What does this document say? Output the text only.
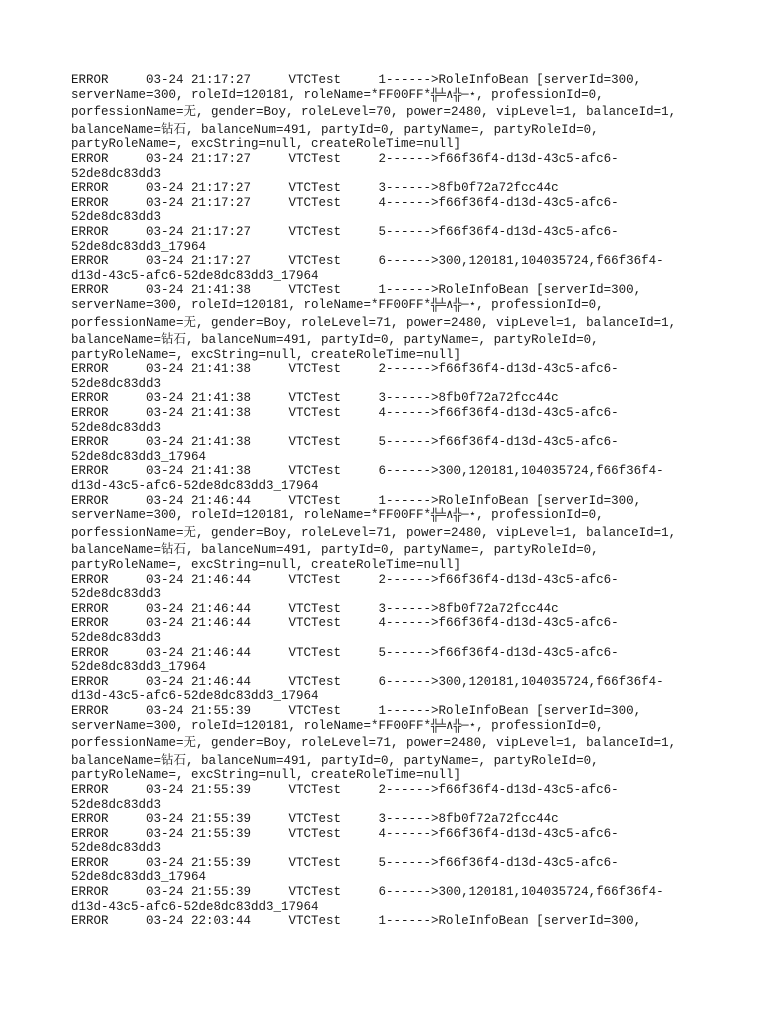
ERROR     03-24 21:17:27     VTCTest     1------>RoleInfoBean [serverId=300,
serverName=300, roleId=120181, roleName=*FF00FF*╬╧∧╬─⋆, professionId=0,
porfessionName=无, gender=Boy, roleLevel=70, power=2480, vipLevel=1, balanceId=1,
balanceName=钻石, balanceNum=491, partyId=0, partyName=, partyRoleId=0,
partyRoleName=, excString=null, createRoleTime=null]
ERROR     03-24 21:17:27     VTCTest     2------>f66f36f4-d13d-43c5-afc6-
52de8dc83dd3
ERROR     03-24 21:17:27     VTCTest     3------>8fb0f72a72fcc44c
ERROR     03-24 21:17:27     VTCTest     4------>f66f36f4-d13d-43c5-afc6-
52de8dc83dd3
ERROR     03-24 21:17:27     VTCTest     5------>f66f36f4-d13d-43c5-afc6-
52de8dc83dd3_17964
ERROR     03-24 21:17:27     VTCTest     6------>300,120181,104035724,f66f36f4-
d13d-43c5-afc6-52de8dc83dd3_17964
ERROR     03-24 21:41:38     VTCTest     1------>RoleInfoBean [serverId=300,
serverName=300, roleId=120181, roleName=*FF00FF*╬╧∧╬─⋆, professionId=0,
porfessionName=无, gender=Boy, roleLevel=71, power=2480, vipLevel=1, balanceId=1,
balanceName=钻石, balanceNum=491, partyId=0, partyName=, partyRoleId=0,
partyRoleName=, excString=null, createRoleTime=null]
ERROR     03-24 21:41:38     VTCTest     2------>f66f36f4-d13d-43c5-afc6-
52de8dc83dd3
ERROR     03-24 21:41:38     VTCTest     3------>8fb0f72a72fcc44c
ERROR     03-24 21:41:38     VTCTest     4------>f66f36f4-d13d-43c5-afc6-
52de8dc83dd3
ERROR     03-24 21:41:38     VTCTest     5------>f66f36f4-d13d-43c5-afc6-
52de8dc83dd3_17964
ERROR     03-24 21:41:38     VTCTest     6------>300,120181,104035724,f66f36f4-
d13d-43c5-afc6-52de8dc83dd3_17964
ERROR     03-24 21:46:44     VTCTest     1------>RoleInfoBean [serverId=300,
serverName=300, roleId=120181, roleName=*FF00FF*╬╧∧╬─⋆, professionId=0,
porfessionName=无, gender=Boy, roleLevel=71, power=2480, vipLevel=1, balanceId=1,
balanceName=钻石, balanceNum=491, partyId=0, partyName=, partyRoleId=0,
partyRoleName=, excString=null, createRoleTime=null]
ERROR     03-24 21:46:44     VTCTest     2------>f66f36f4-d13d-43c5-afc6-
52de8dc83dd3
ERROR     03-24 21:46:44     VTCTest     3------>8fb0f72a72fcc44c
ERROR     03-24 21:46:44     VTCTest     4------>f66f36f4-d13d-43c5-afc6-
52de8dc83dd3
ERROR     03-24 21:46:44     VTCTest     5------>f66f36f4-d13d-43c5-afc6-
52de8dc83dd3_17964
ERROR     03-24 21:46:44     VTCTest     6------>300,120181,104035724,f66f36f4-
d13d-43c5-afc6-52de8dc83dd3_17964
ERROR     03-24 21:55:39     VTCTest     1------>RoleInfoBean [serverId=300,
serverName=300, roleId=120181, roleName=*FF00FF*╬╧∧╬─⋆, professionId=0,
porfessionName=无, gender=Boy, roleLevel=71, power=2480, vipLevel=1, balanceId=1,
balanceName=钻石, balanceNum=491, partyId=0, partyName=, partyRoleId=0,
partyRoleName=, excString=null, createRoleTime=null]
ERROR     03-24 21:55:39     VTCTest     2------>f66f36f4-d13d-43c5-afc6-
52de8dc83dd3
ERROR     03-24 21:55:39     VTCTest     3------>8fb0f72a72fcc44c
ERROR     03-24 21:55:39     VTCTest     4------>f66f36f4-d13d-43c5-afc6-
52de8dc83dd3
ERROR     03-24 21:55:39     VTCTest     5------>f66f36f4-d13d-43c5-afc6-
52de8dc83dd3_17964
ERROR     03-24 21:55:39     VTCTest     6------>300,120181,104035724,f66f36f4-
d13d-43c5-afc6-52de8dc83dd3_17964
ERROR     03-24 22:03:44     VTCTest     1------>RoleInfoBean [serverId=300,
